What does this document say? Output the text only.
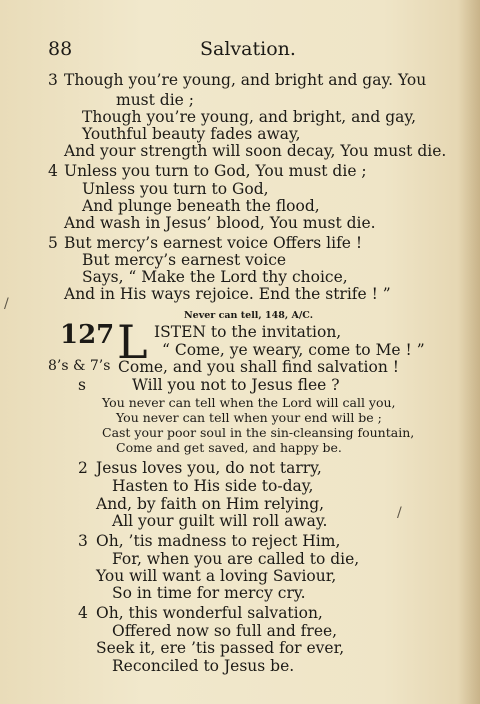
88	Salvation.
3 Though you’re young, and bright and gay. You
must die ;
Though you’re young, and bright, and gay,
Youthful beauty fades away,
And your strength will soon decay, You must die.
4 Unless you turn to God, You must die ;
Unless you turn to God,
And plunge beneath the flood,
And wash in Jesus’ blood, You must die.
5 But mercy’s earnest voice Offers life !
But mercy’s earnest voice
Says, “ Make the Lord thy choice,
And in His ways rejoice. End the strife ! ”
/
Never can tell, 148, A/C.
127 L ISTEN to the invitation,
“ Come, ye weary, come to Me ! ”
8’s & 7’s Come, and you shall find salvation !
s	Will you not to Jesus flee ?
You never can tell when the Lord will call you,
You never can tell when your end will be ;
Cast your poor soul in the sin-cleansing fountain,
Come and get saved, and happy be.
2 Jesus loves you, do not tarry,
Hasten to His side to-day,
And, by faith on Him relying,
All your guilt will roll away.
3 Oh, ’tis madness to reject Him,
For, when you are called to die,
You will want a loving Saviour,
So in time for mercy cry.
/
4 Oh, this wonderful salvation,
Offered now so full and free,
Seek it, ere ’tis passed for ever,
Reconciled to Jesus be.
